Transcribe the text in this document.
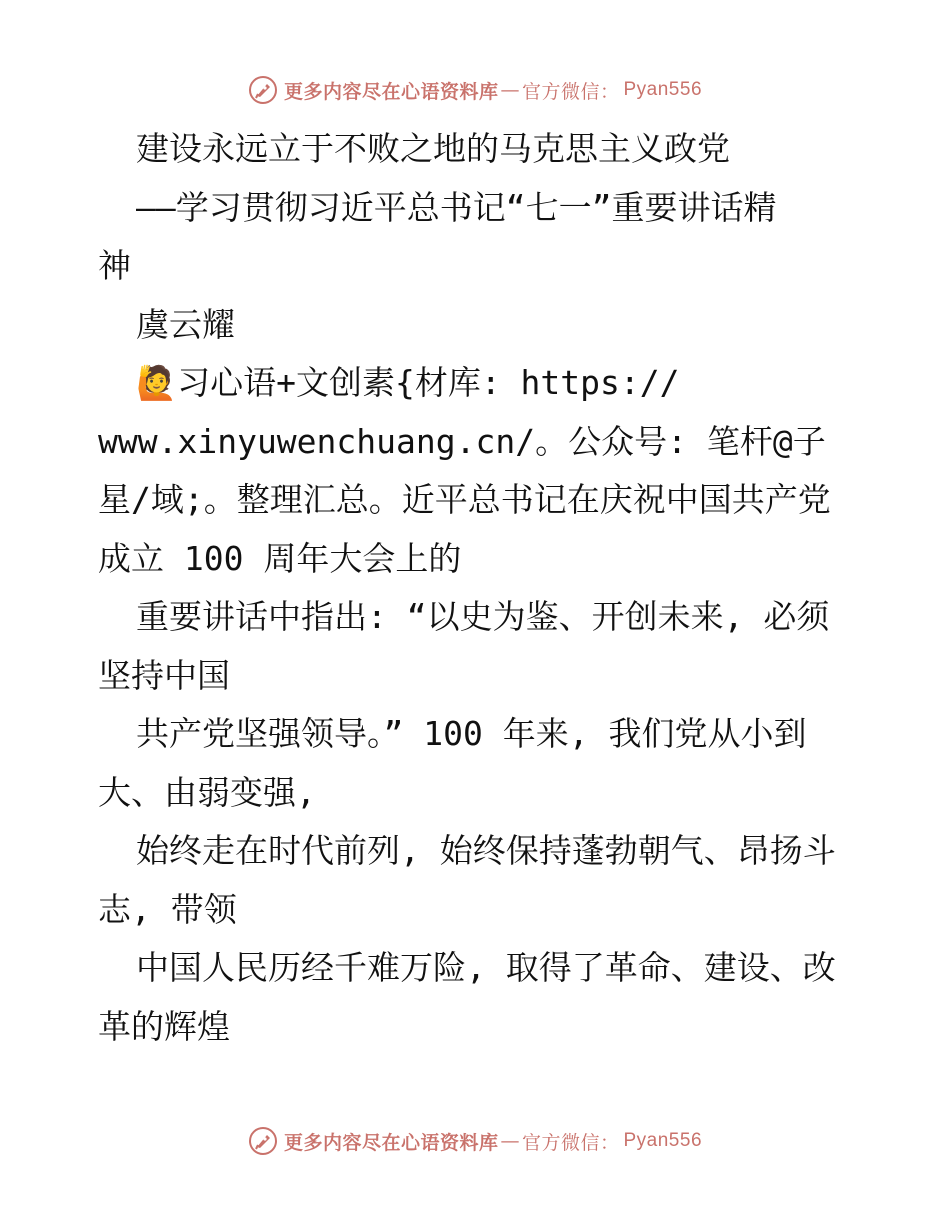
更多内容尽在心语资料库 — 官方微信： Pyan556
建设永远立于不败之地的马克思主义政党
——学习贯彻习近平总书记“七一”重要讲话精
神
虞云耀
🙋习心语+文创素{材库: https://
www.xinyuwenchuang.cn/。公众号: 笔杆@子
星/域;。整理汇总。近平总书记在庆祝中国共产党
成立 100 周年大会上的
重要讲话中指出: “以史为鉴、开创未来, 必须
坚持中国
共产党坚强领导。” 100 年来, 我们党从小到
大、由弱变强,
始终走在时代前列, 始终保持蓬勃朝气、昂扬斗
志, 带领
中国人民历经千难万险, 取得了革命、建设、改
革的辉煌
更多内容尽在心语资料库 — 官方微信： Pyan556
